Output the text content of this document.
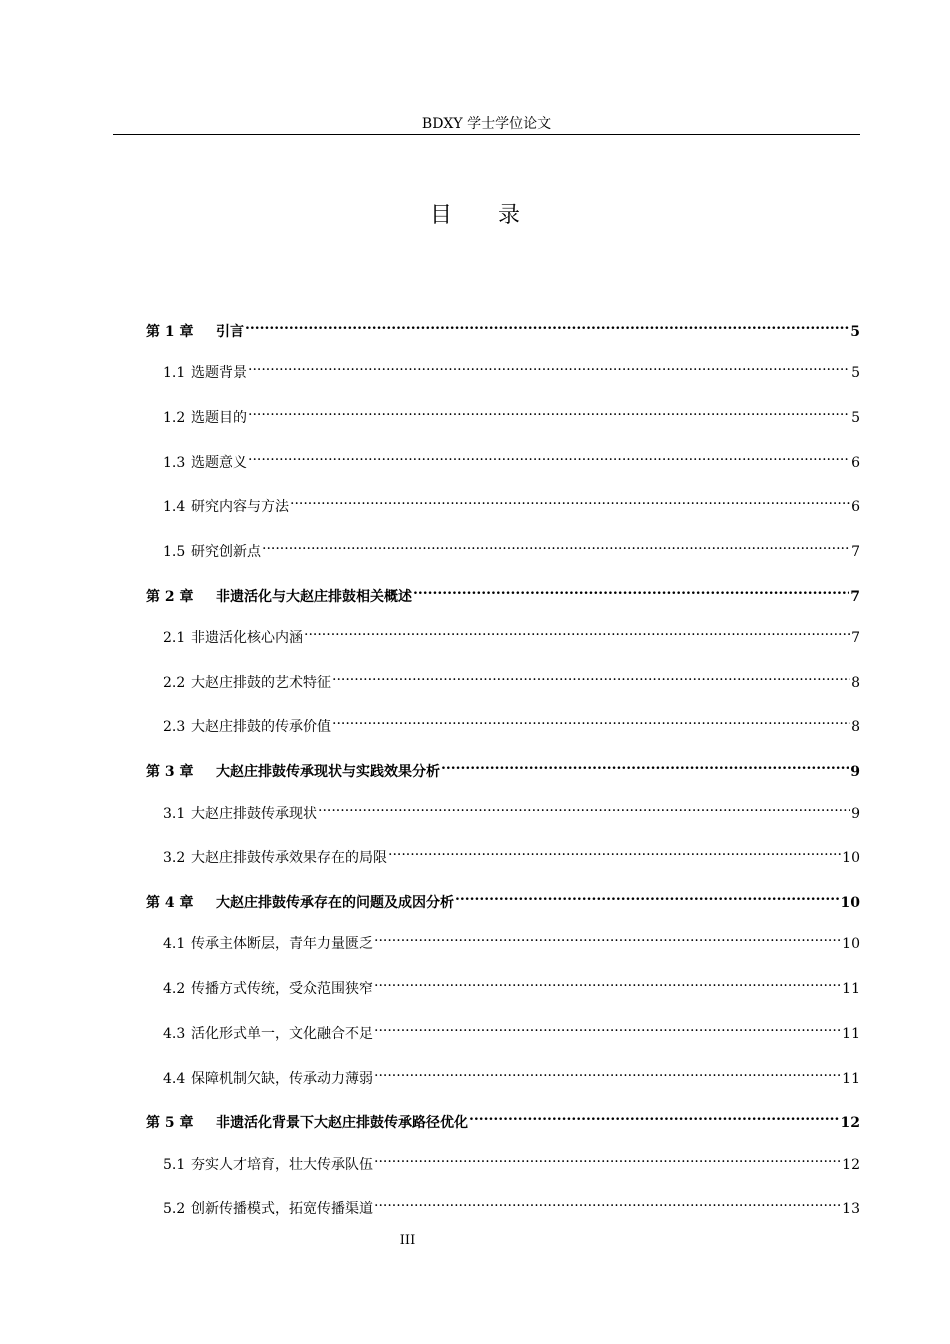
BDXY 学士学位论文
目 录
第 1 章	引言 .....	5
1.1 选题背景 .....	5
1.2 选题目的 .....	5
1.3 选题意义 .....	6
1.4 研究内容与方法 .....	6
1.5 研究创新点 .....	7
第 2 章	非遗活化与大赵庄排鼓相关概述 .....	7
2.1 非遗活化核心内涵 .....	7
2.2 大赵庄排鼓的艺术特征 .....	8
2.3 大赵庄排鼓的传承价值 .....	8
第 3 章	大赵庄排鼓传承现状与实践效果分析 .....	9
3.1 大赵庄排鼓传承现状 .....	9
3.2 大赵庄排鼓传承效果存在的局限 .....	10
第 4 章	大赵庄排鼓传承存在的问题及成因分析 .....	10
4.1 传承主体断层，青年力量匮乏 .....	10
4.2 传播方式传统，受众范围狭窄 .....	11
4.3 活化形式单一，文化融合不足 .....	11
4.4 保障机制欠缺，传承动力薄弱 .....	11
第 5 章	非遗活化背景下大赵庄排鼓传承路径优化 .....	12
5.1 夯实人才培育，壮大传承队伍 .....	12
5.2 创新传播模式，拓宽传播渠道 .....	13
III
